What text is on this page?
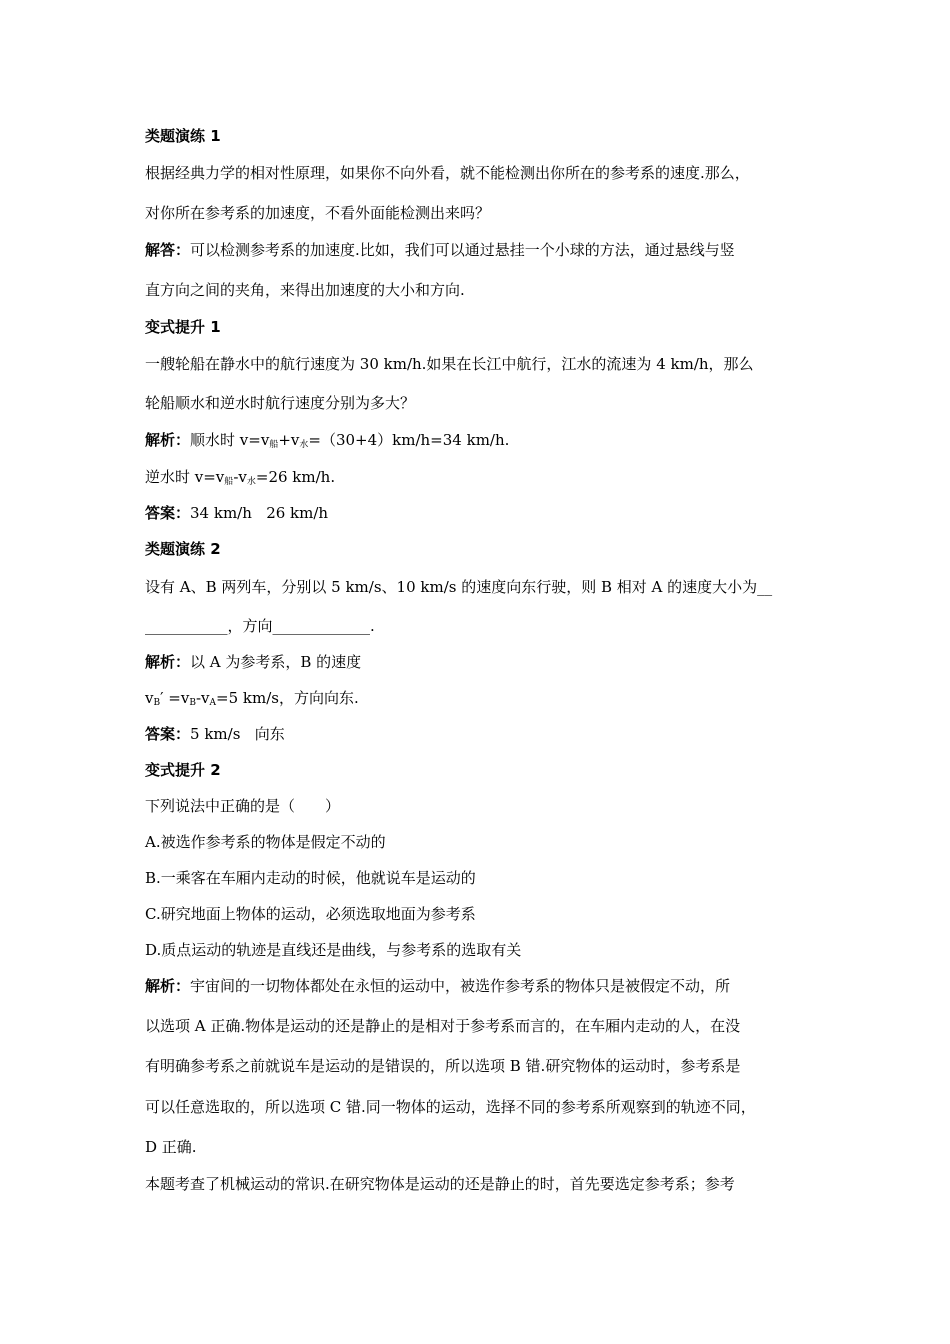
类题演练 1
根据经典力学的相对性原理，如果你不向外看，就不能检测出你所在的参考系的速度.那么，
对你所在参考系的加速度，不看外面能检测出来吗？
解答：可以检测参考系的加速度.比如，我们可以通过悬挂一个小球的方法，通过悬线与竖
直方向之间的夹角，来得出加速度的大小和方向.
变式提升 1
一艘轮船在静水中的航行速度为 30 km/h.如果在长江中航行，江水的流速为 4 km/h，那么
轮船顺水和逆水时航行速度分别为多大？
解析：顺水时 $v=v_船+v_水=(30+4)km/h=34$ km/h.
逆水时 $v=v_船-v_水=26$ km/h.
答案：34 km/h   26 km/h
类题演练 2
设有 A、B 两列车，分别以 5 km/s、10 km/s 的速度向东行驶，则 B 相对 A 的速度大小为__
___________，方向_____________.
解析：以 A 为参考系，B 的速度
$v_B' =v_B-v_A=5$ km/s，方向向东.
答案：5 km/s   向东
变式提升 2
下列说法中正确的是（　　）
A.被选作参考系的物体是假定不动的
B.一乘客在车厢内走动的时候，他就说车是运动的
C.研究地面上物体的运动，必须选取地面为参考系
D.质点运动的轨迹是直线还是曲线，与参考系的选取有关
解析：宇宙间的一切物体都处在永恒的运动中，被选作参考系的物体只是被假定不动，所
以选项 A 正确.物体是运动的还是静止的是相对于参考系而言的，在车厢内走动的人，在没
有明确参考系之前就说车是运动的是错误的，所以选项 B 错.研究物体的运动时，参考系是
可以任意选取的，所以选项 C 错.同一物体的运动，选择不同的参考系所观察到的轨迹不同，
D 正确.
本题考查了机械运动的常识.在研究物体是运动的还是静止的时，首先要选定参考系；参考
